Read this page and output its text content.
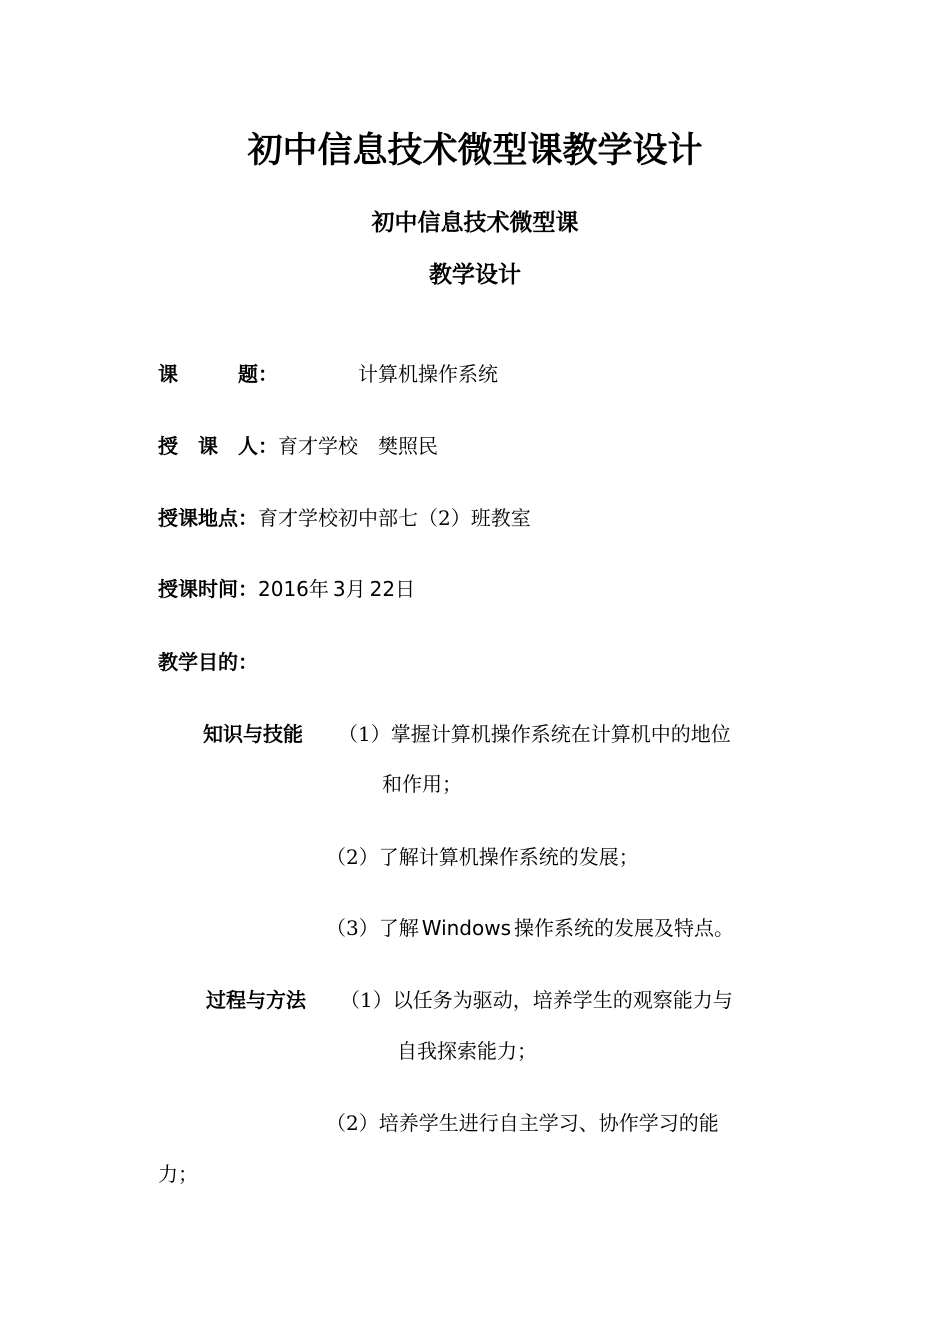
初中信息技术微型课教学设计
初中信息技术微型课
教学设计
课　　　题：	计算机操作系统
授　课　人：育才学校　樊照民
授课地点：育才学校初中部七（2）班教室
授课时间：2016年 3月 22日
教学目的：
知识与技能 （1）掌握计算机操作系统在计算机中的地位
和作用；
（2）了解计算机操作系统的发展；
（3）了解 Windows 操作系统的发展及特点。
过程与方法 （1）以任务为驱动，培养学生的观察能力与
自我探索能力；
（2）培养学生进行自主学习、协作学习的能
力；
